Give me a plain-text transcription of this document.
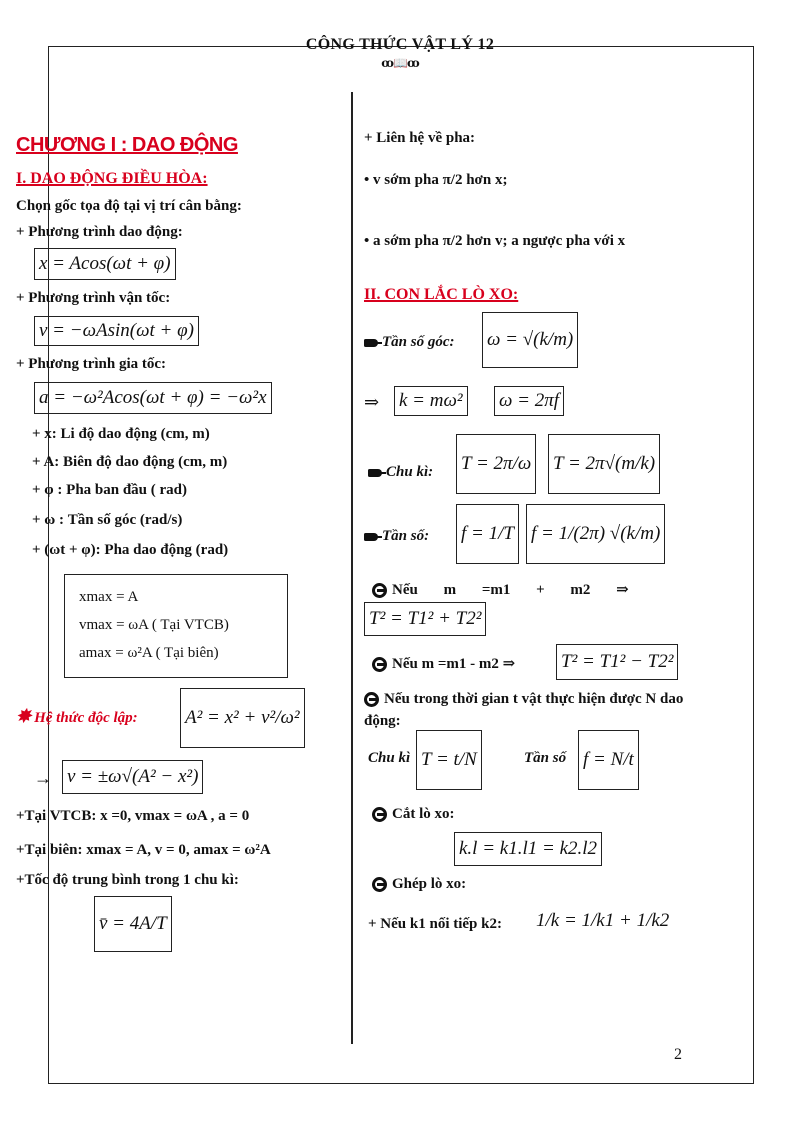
CÔNG THỨC VẬT LÝ 12
ꝏ📖ꝏ
CHƯƠNG I : DAO ĐỘNG
I. DAO ĐỘNG ĐIỀU HÒA:
Chọn gốc tọa độ tại vị trí cân bằng:
+ Phương trình dao động:
x = Acos(ωt + φ)
+ Phương trình vận tốc:
v = −ωAsin(ωt + φ)
+ Phương trình gia tốc:
a = −ω²Acos(ωt + φ) = −ω²x
+ x: Li độ dao động (cm, m)
+ A: Biên độ dao động (cm, m)
+ φ : Pha ban đầu ( rad)
+ ω : Tần số góc (rad/s)
+ (ωt + φ): Pha dao động (rad)
xmax = A
vmax = ωA ( Tại VTCB)
amax = ω²A ( Tại biên)
✸ Hệ thức độc lập: A² = x² + v²/ω²
→ v = ±ω√(A² − x²)
+Tại VTCB: x =0, vmax = ωA , a = 0
+Tại biên: xmax = A, v = 0, amax = ω²A
+Tốc độ trung bình trong 1 chu kì:
v̄ = 4A/T
+ Liên hệ về pha:
• v sớm pha π/2 hơn x;
• a sớm pha π/2 hơn v; a ngược pha với x
II. CON LẮC LÒ XO:
Tần số góc: ω = √(k/m)
⇒ k = mω² ω = 2πf
Chu kì: T = 2π/ω T = 2π√(m/k)
Tần số: f = 1/T f = 1/(2π) √(k/m)
Nếu m =m1 + m2 ⇒
T² = T1² + T2²
Nếu m =m1 - m2 ⇒ T² = T1² − T2²
Nếu trong thời gian t vật thực hiện được N dao động:
Chu kì T = t/N	Tần số f = N/t
Cắt lò xo:
k.l = k1.l1 = k2.l2
Ghép lò xo:
+ Nếu k1 nối tiếp k2: 1/k = 1/k1 + 1/k2
2
